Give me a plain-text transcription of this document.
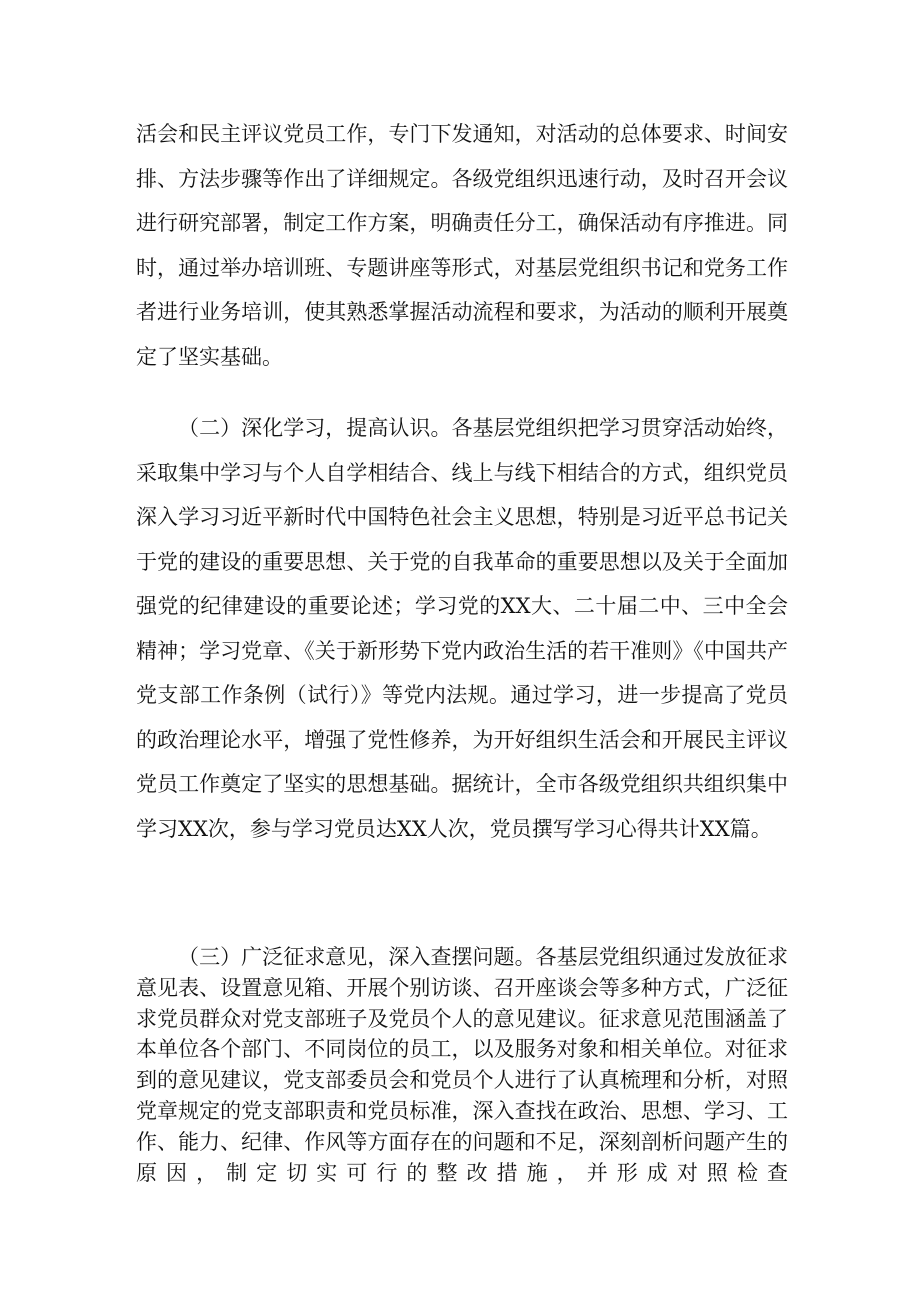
活会和民主评议党员工作，专门下发通知，对活动的总体要求、时间安排、方法步骤等作出了详细规定。各级党组织迅速行动，及时召开会议进行研究部署，制定工作方案，明确责任分工，确保活动有序推进。同时，通过举办培训班、专题讲座等形式，对基层党组织书记和党务工作者进行业务培训，使其熟悉掌握活动流程和要求，为活动的顺利开展奠定了坚实基础。

（二）深化学习，提高认识。各基层党组织把学习贯穿活动始终，采取集中学习与个人自学相结合、线上与线下相结合的方式，组织党员深入学习习近平新时代中国特色社会主义思想，特别是习近平总书记关于党的建设的重要思想、关于党的自我革命的重要思想以及关于全面加强党的纪律建设的重要论述；学习党的XX大、二十届二中、三中全会精神；学习党章、《关于新形势下党内政治生活的若干准则》《中国共产党支部工作条例（试行）》等党内法规。通过学习，进一步提高了党员的政治理论水平，增强了党性修养，为开好组织生活会和开展民主评议党员工作奠定了坚实的思想基础。据统计，全市各级党组织共组织集中学习XX次，参与学习党员达XX人次，党员撰写学习心得共计XX篇。

（三）广泛征求意见，深入查摆问题。各基层党组织通过发放征求意见表、设置意见箱、开展个别访谈、召开座谈会等多种方式，广泛征求党员群众对党支部班子及党员个人的意见建议。征求意见范围涵盖了本单位各个部门、不同岗位的员工，以及服务对象和相关单位。对征求到的意见建议，党支部委员会和党员个人进行了认真梳理和分析，对照党章规定的党支部职责和党员标准，深入查找在政治、思想、学习、工作、能力、纪律、作风等方面存在的问题和不足，深刻剖析问题产生的原因，制定切实可行的整改措施，并形成对照检查
